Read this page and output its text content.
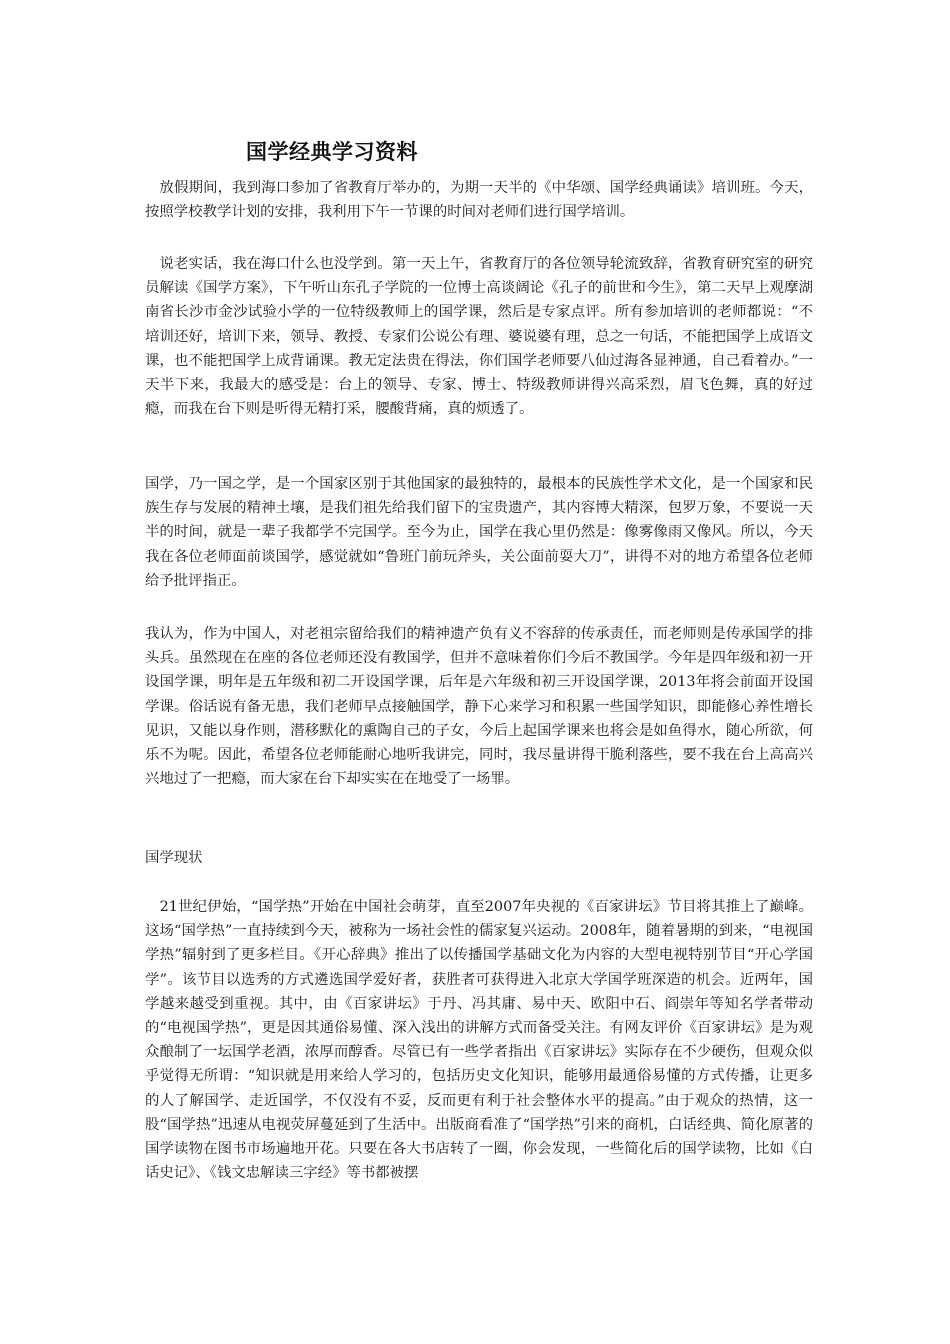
国学经典学习资料

　放假期间，我到海口参加了省教育厅举办的，为期一天半的《中华颂、国学经典诵读》培训班。今天，按照学校教学计划的安排，我利用下午一节课的时间对老师们进行国学培训。

　说老实话，我在海口什么也没学到。第一天上午，省教育厅的各位领导轮流致辞，省教育研究室的研究员解读《国学方案》，下午听山东孔子学院的一位博士高谈阔论《孔子的前世和今生》，第二天早上观摩湖南省长沙市金沙试验小学的一位特级教师上的国学课，然后是专家点评。所有参加培训的老师都说：“不培训还好，培训下来，领导、教授、专家们公说公有理、婆说婆有理，总之一句话，不能把国学上成语文课，也不能把国学上成背诵课。教无定法贵在得法，你们国学老师要八仙过海各显神通，自己看着办。”一天半下来，我最大的感受是：台上的领导、专家、博士、特级教师讲得兴高采烈，眉飞色舞，真的好过瘾，而我在台下则是听得无精打采，腰酸背痛，真的烦透了。

国学，乃一国之学，是一个国家区别于其他国家的最独特的，最根本的民族性学术文化，是一个国家和民族生存与发展的精神土壤，是我们祖先给我们留下的宝贵遗产，其内容博大精深，包罗万象，不要说一天半的时间，就是一辈子我都学不完国学。至今为止，国学在我心里仍然是：像雾像雨又像风。所以，今天我在各位老师面前谈国学，感觉就如“鲁班门前玩斧头，关公面前耍大刀”，讲得不对的地方希望各位老师给予批评指正。

我认为，作为中国人，对老祖宗留给我们的精神遗产负有义不容辞的传承责任，而老师则是传承国学的排头兵。虽然现在在座的各位老师还没有教国学，但并不意味着你们今后不教国学。今年是四年级和初一开设国学课，明年是五年级和初二开设国学课，后年是六年级和初三开设国学课，2013年将会前面开设国学课。俗话说有备无患，我们老师早点接触国学，静下心来学习和积累一些国学知识，即能修心养性增长见识，又能以身作则，潜移默化的熏陶自己的子女，今后上起国学课来也将会是如鱼得水，随心所欲，何乐不为呢。因此，希望各位老师能耐心地听我讲完，同时，我尽量讲得干脆利落些，要不我在台上高高兴兴地过了一把瘾，而大家在台下却实实在在地受了一场罪。

国学现状

　21世纪伊始，“国学热”开始在中国社会萌芽，直至2007年央视的《百家讲坛》节目将其推上了巅峰。这场“国学热”一直持续到今天，被称为一场社会性的儒家复兴运动。2008年，随着暑期的到来，“电视国学热”辐射到了更多栏目。《开心辞典》推出了以传播国学基础文化为内容的大型电视特别节目“开心学国学”。该节目以选秀的方式遴选国学爱好者，获胜者可获得进入北京大学国学班深造的机会。近两年，国学越来越受到重视。其中，由《百家讲坛》于丹、冯其庸、易中天、欧阳中石、阎崇年等知名学者带动的“电视国学热”，更是因其通俗易懂、深入浅出的讲解方式而备受关注。有网友评价《百家讲坛》是为观众酿制了一坛国学老酒，浓厚而醇香。尽管已有一些学者指出《百家讲坛》实际存在不少硬伤，但观众似乎觉得无所谓：“知识就是用来给人学习的，包括历史文化知识，能够用最通俗易懂的方式传播，让更多的人了解国学、走近国学，不仅没有不妥，反而更有利于社会整体水平的提高。”由于观众的热情，这一股“国学热”迅速从电视荧屏蔓延到了生活中。出版商看准了“国学热”引来的商机，白话经典、简化原著的国学读物在图书市场遍地开花。只要在各大书店转了一圈，你会发现，一些简化后的国学读物，比如《白话史记》、《钱文忠解读三字经》等书都被摆
